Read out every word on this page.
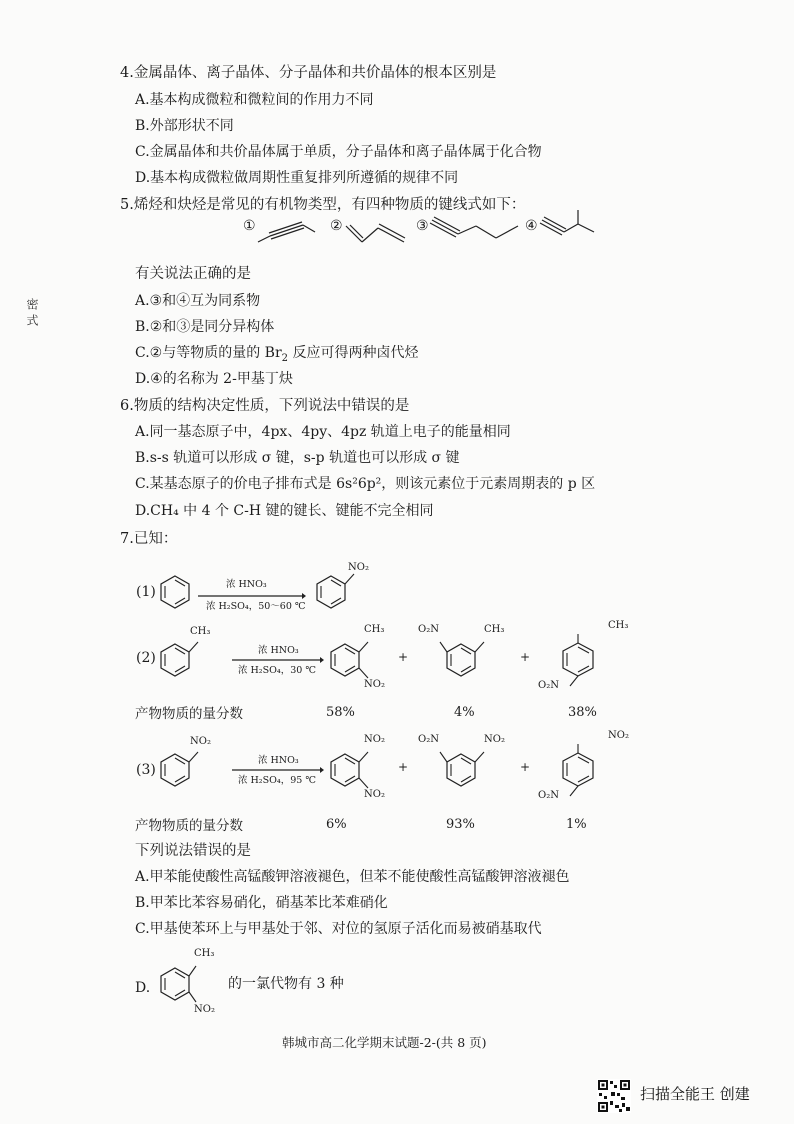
密 式
4.金属晶体、离子晶体、分子晶体和共价晶体的根本区别是
A.基本构成微粒和微粒间的作用力不同
B.外部形状不同
C.金属晶体和共价晶体属于单质，分子晶体和离子晶体属于化合物
D.基本构成微粒做周期性重复排列所遵循的规律不同
5.烯烃和炔烃是常见的有机物类型，有四种物质的键线式如下：
①	②	③	④
有关说法正确的是
A.③和④互为同系物
B.②和③是同分异构体
C.②与等物质的量的 $Br_2$ 反应可得两种卤代烃
D.④的名称为 2-甲基丁炔
6.物质的结构决定性质，下列说法中错误的是
A.同一基态原子中，4px、4py、4pz 轨道上电子的能量相同
B.s-s 轨道可以形成 σ 键，s-p 轨道也可以形成 σ 键
C.某基态原子的价电子排布式是 6s²6p²，则该元素位于元素周期表的 p 区
D.CH₄ 中 4 个 C-H 键的键长、键能不完全相同
7.已知：
(1)	浓 HNO₃
浓 H₂SO₄，50～60 ℃
NO₂
(2)
CH₃
浓 HNO₃
浓 H₂SO₄，30 ℃
CH₃
NO₂
+
O₂N	CH₃
+
CH₃
O₂N
产物物质的量分数	58%	4%	38%
(3)
NO₂
浓 HNO₃
浓 H₂SO₄，95 ℃
NO₂
NO₂
+
O₂N	NO₂
+
NO₂
O₂N
产物物质的量分数	6%	93%	1%
下列说法错误的是
A.甲苯能使酸性高锰酸钾溶液褪色，但苯不能使酸性高锰酸钾溶液褪色
B.甲苯比苯容易硝化，硝基苯比苯难硝化
C.甲基使苯环上与甲基处于邻、对位的氢原子活化而易被硝基取代
D.
CH₃
NO₂
的一氯代物有 3 种
韩城市高二化学期末试题-2-(共 8 页)
扫描全能王 创建
